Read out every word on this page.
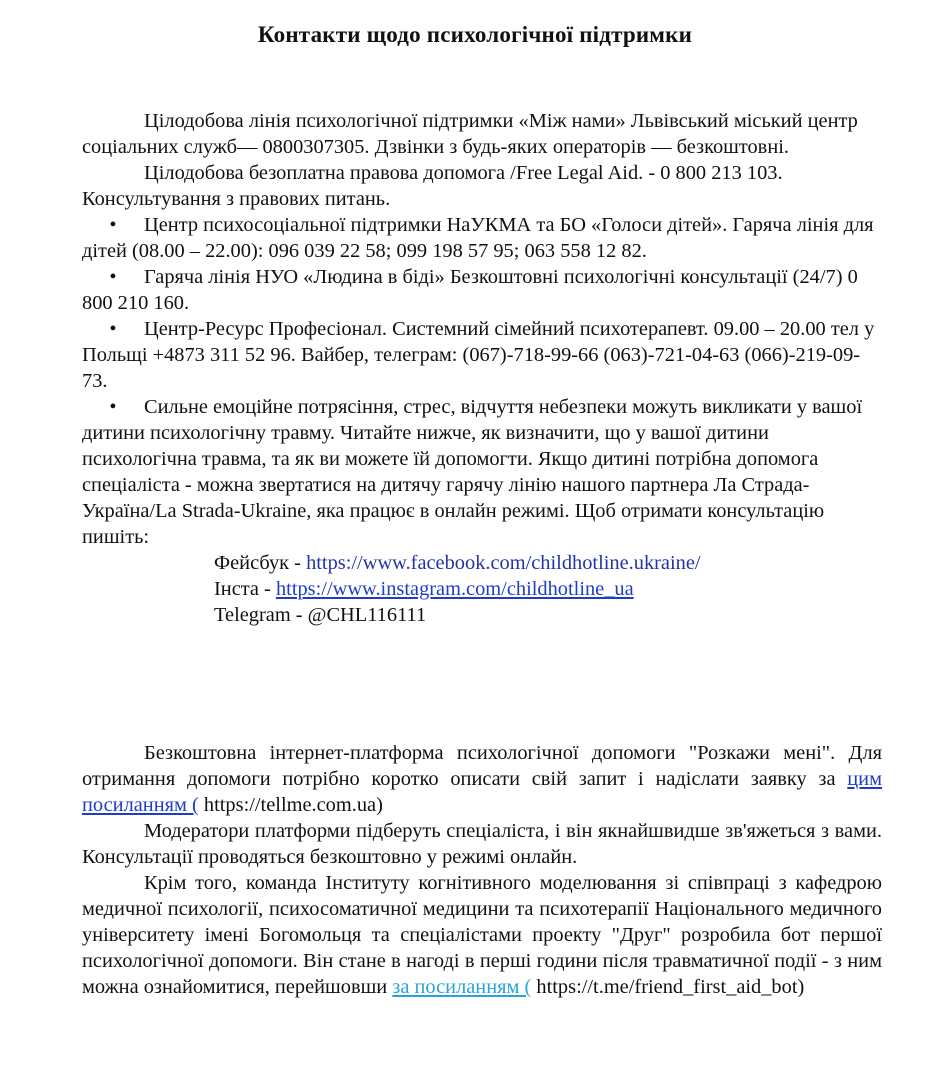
Контакти щодо психологічної підтримки

Цілодобова лінія психологічної підтримки «Між нами» Львівський міський центр соціальних служб— 0800307305. Дзвінки з будь-яких операторів — безкоштовні.

Цілодобова безоплатна правова допомога /Free Legal Aid. - 0 800 213 103. Консультування з правових питань.

• Центр психосоціальної підтримки НаУКМА та БО «Голоси дітей». Гаряча лінія для дітей (08.00 – 22.00): 096 039 22 58; 099 198 57 95; 063 558 12 82.

• Гаряча лінія НУО «Людина в біді» Безкоштовні психологічні консультації (24/7) 0 800 210 160.

• Центр-Ресурс Професіонал. Системний сімейний психотерапевт. 09.00 – 20.00 тел у Польщі +4873 311 52 96. Вайбер, телеграм: (067)-718-99-66 (063)-721-04-63 (066)-219-09-73.

• Сильне емоційне потрясіння, стрес, відчуття небезпеки можуть викликати у вашої дитини психологічну травму. Читайте нижче, як визначити, що у вашої дитини психологічна травма, та як ви можете їй допомогти. Якщо дитині потрібна допомога спеціаліста - можна звертатися на дитячу гарячу лінію нашого партнера Ла Страда-Україна/La Strada-Ukraine, яка працює в онлайн режимі. Щоб отримати консультацію пишіть:

Фейсбук - https://www.facebook.com/childhotline.ukraine/

Інста - https://www.instagram.com/childhotline_ua

Telegram - @CHL116111

Безкоштовна інтернет-платформа психологічної допомоги "Розкажи мені". Для отримання допомоги потрібно коротко описати свій запит і надіслати заявку за цим посиланням ( https://tellme.com.ua)

Модератори платформи підберуть спеціаліста, і він якнайшвидше зв'яжеться з вами. Консультації проводяться безкоштовно у режимі онлайн.

Крім того, команда Інституту когнітивного моделювання зі співпраці з кафедрою медичної психології, психосоматичної медицини та психотерапії Національного медичного університету імені Богомольця та спеціалістами проекту "Друг" розробила бот першої психологічної допомоги. Він стане в нагоді в перші години після травматичної події - з ним можна ознайомитися, перейшовши за посиланням ( https://t.me/friend_first_aid_bot)
